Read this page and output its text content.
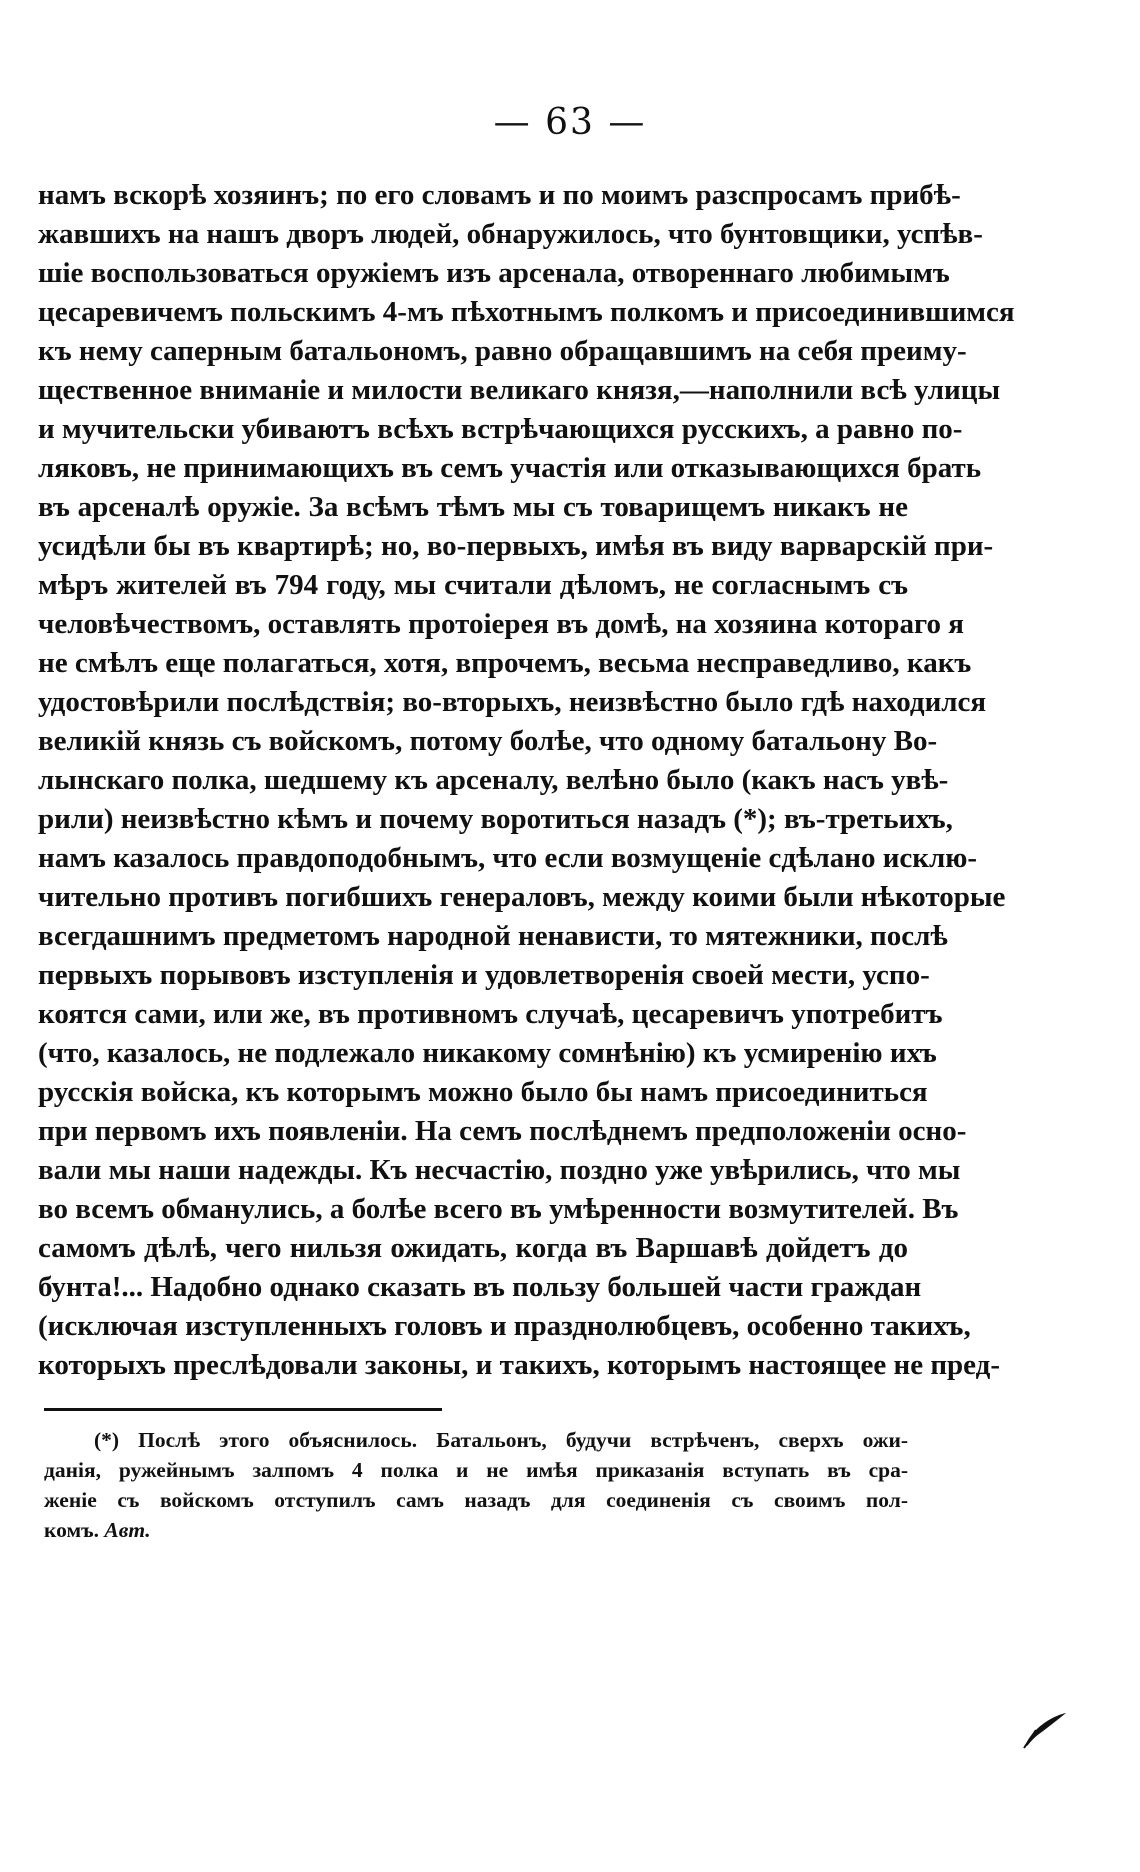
— 63 —
намъ вскорѣ хозяинъ; по его словамъ и по моимъ разспросамъ прибѣ-
жавшихъ на нашъ дворъ людей, обнаружилось, что бунтовщики, успѣв-
шіе воспользоваться оружіемъ изъ арсенала, отвореннаго любимымъ
цесаревичемъ польскимъ 4-мъ пѣхотнымъ полкомъ и присоединившимся
къ нему саперным батальономъ, равно обращавшимъ на себя преиму-
щественное вниманіе и милости великаго князя,—наполнили всѣ улицы
и мучительски убиваютъ всѣхъ встрѣчающихся русскихъ, а равно по-
ляковъ, не принимающихъ въ семъ участія или отказывающихся брать
въ арсеналѣ оружіе. За всѣмъ тѣмъ мы съ товарищемъ никакъ не
усидѣли бы въ квартирѣ; но, во-первыхъ, имѣя въ виду варварскій при-
мѣръ жителей въ 794 году, мы считали дѣломъ, не согласнымъ съ
человѣчествомъ, оставлять протоіерея въ домѣ, на хозяина котораго я
не смѣлъ еще полагаться, хотя, впрочемъ, весьма несправедливо, какъ
удостовѣрили послѣдствія; во-вторыхъ, неизвѣстно было гдѣ находился
великій князь съ войскомъ, потому болѣе, что одному батальону Во-
лынскаго полка, шедшему къ арсеналу, велѣно было (какъ насъ увѣ-
рили) неизвѣстно кѣмъ и почему воротиться назадъ (*); въ-третьихъ,
намъ казалось правдоподобнымъ, что если возмущеніе сдѣлано исклю-
чительно противъ погибшихъ генераловъ, между коими были нѣкоторые
всегдашнимъ предметомъ народной ненависти, то мятежники, послѣ
первыхъ порывовъ изступленія и удовлетворенія своей мести, успо-
коятся сами, или же, въ противномъ случаѣ, цесаревичъ употребитъ
(что, казалось, не подлежало никакому сомнѣнію) къ усмиренію ихъ
русскія войска, къ которымъ можно было бы намъ присоединиться
при первомъ ихъ появленіи. На семъ послѣднемъ предположеніи осно-
вали мы наши надежды. Къ несчастію, поздно уже увѣрились, что мы
во всемъ обманулись, а болѣе всего въ умѣренности возмутителей. Въ
самомъ дѣлѣ, чего нильзя ожидать, когда въ Варшавѣ дойдетъ до
бунта!... Надобно однако сказать въ пользу большей части граждан
(исключая изступленныхъ головъ и празднолюбцевъ, особенно такихъ,
которыхъ преслѣдовали законы, и такихъ, которымъ настоящее не пред-
(*) Послѣ этого объяснилось. Батальонъ, будучи встрѣченъ, сверхъ ожи-
данія, ружейнымъ залпомъ 4 полка и не имѣя приказанія вступать въ сра-
женіе съ войскомъ отступилъ самъ назадъ для соединенія съ своимъ пол-
комъ. Авт.
